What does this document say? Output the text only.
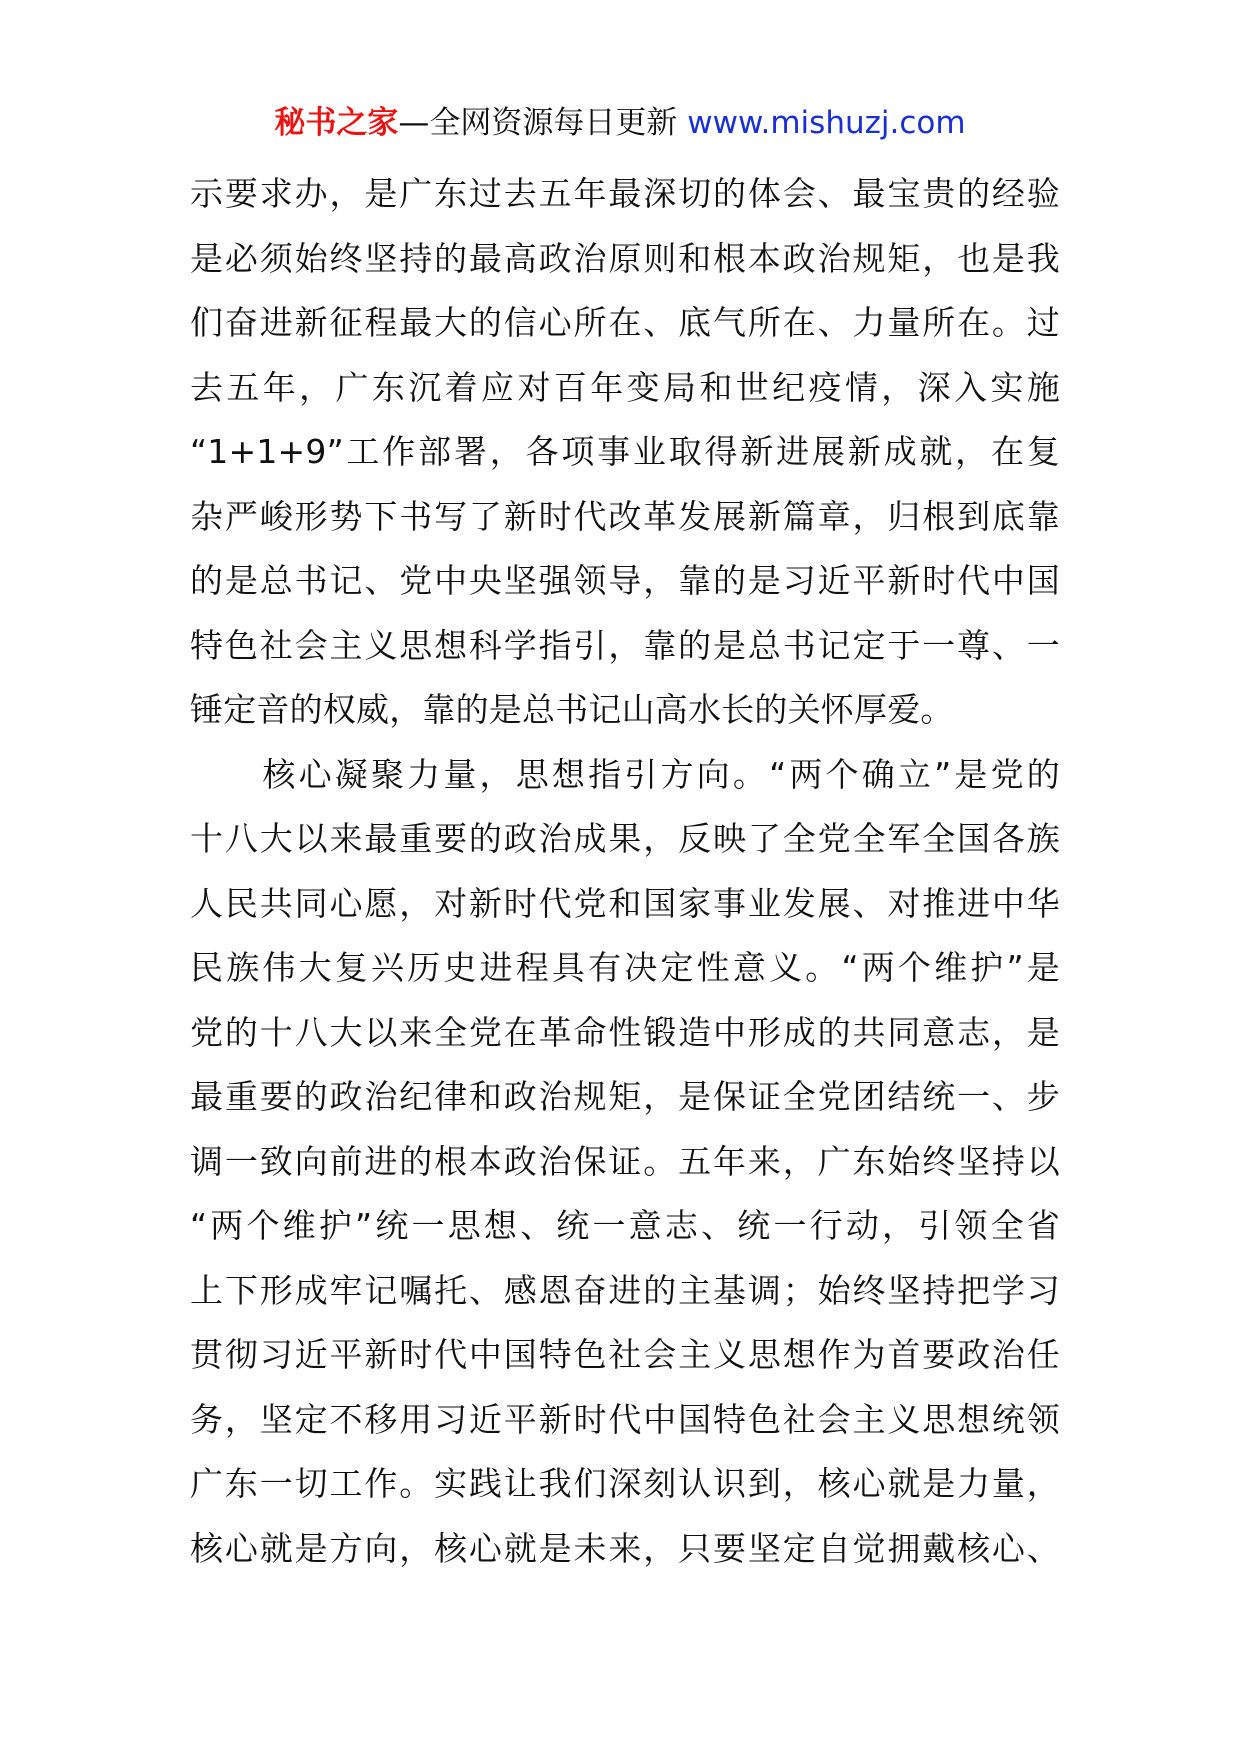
秘书之家—全网资源每日更新 www.mishuzj.com
示要求办，是广东过去五年最深切的体会、最宝贵的经验
是必须始终坚持的最高政治原则和根本政治规矩，也是我
们奋进新征程最大的信心所在、底气所在、力量所在。过
去五年，广东沉着应对百年变局和世纪疫情，深入实施
“1+1+9”工作部署，各项事业取得新进展新成就，在复
杂严峻形势下书写了新时代改革发展新篇章，归根到底靠
的是总书记、党中央坚强领导，靠的是习近平新时代中国
特色社会主义思想科学指引，靠的是总书记定于一尊、一
锤定音的权威，靠的是总书记山高水长的关怀厚爱。
　　核心凝聚力量，思想指引方向。“两个确立”是党的
十八大以来最重要的政治成果，反映了全党全军全国各族
人民共同心愿，对新时代党和国家事业发展、对推进中华
民族伟大复兴历史进程具有决定性意义。“两个维护”是
党的十八大以来全党在革命性锻造中形成的共同意志，是
最重要的政治纪律和政治规矩，是保证全党团结统一、步
调一致向前进的根本政治保证。五年来，广东始终坚持以
“两个维护”统一思想、统一意志、统一行动，引领全省
上下形成牢记嘱托、感恩奋进的主基调；始终坚持把学习
贯彻习近平新时代中国特色社会主义思想作为首要政治任
务，坚定不移用习近平新时代中国特色社会主义思想统领
广东一切工作。实践让我们深刻认识到，核心就是力量，
核心就是方向，核心就是未来，只要坚定自觉拥戴核心、
